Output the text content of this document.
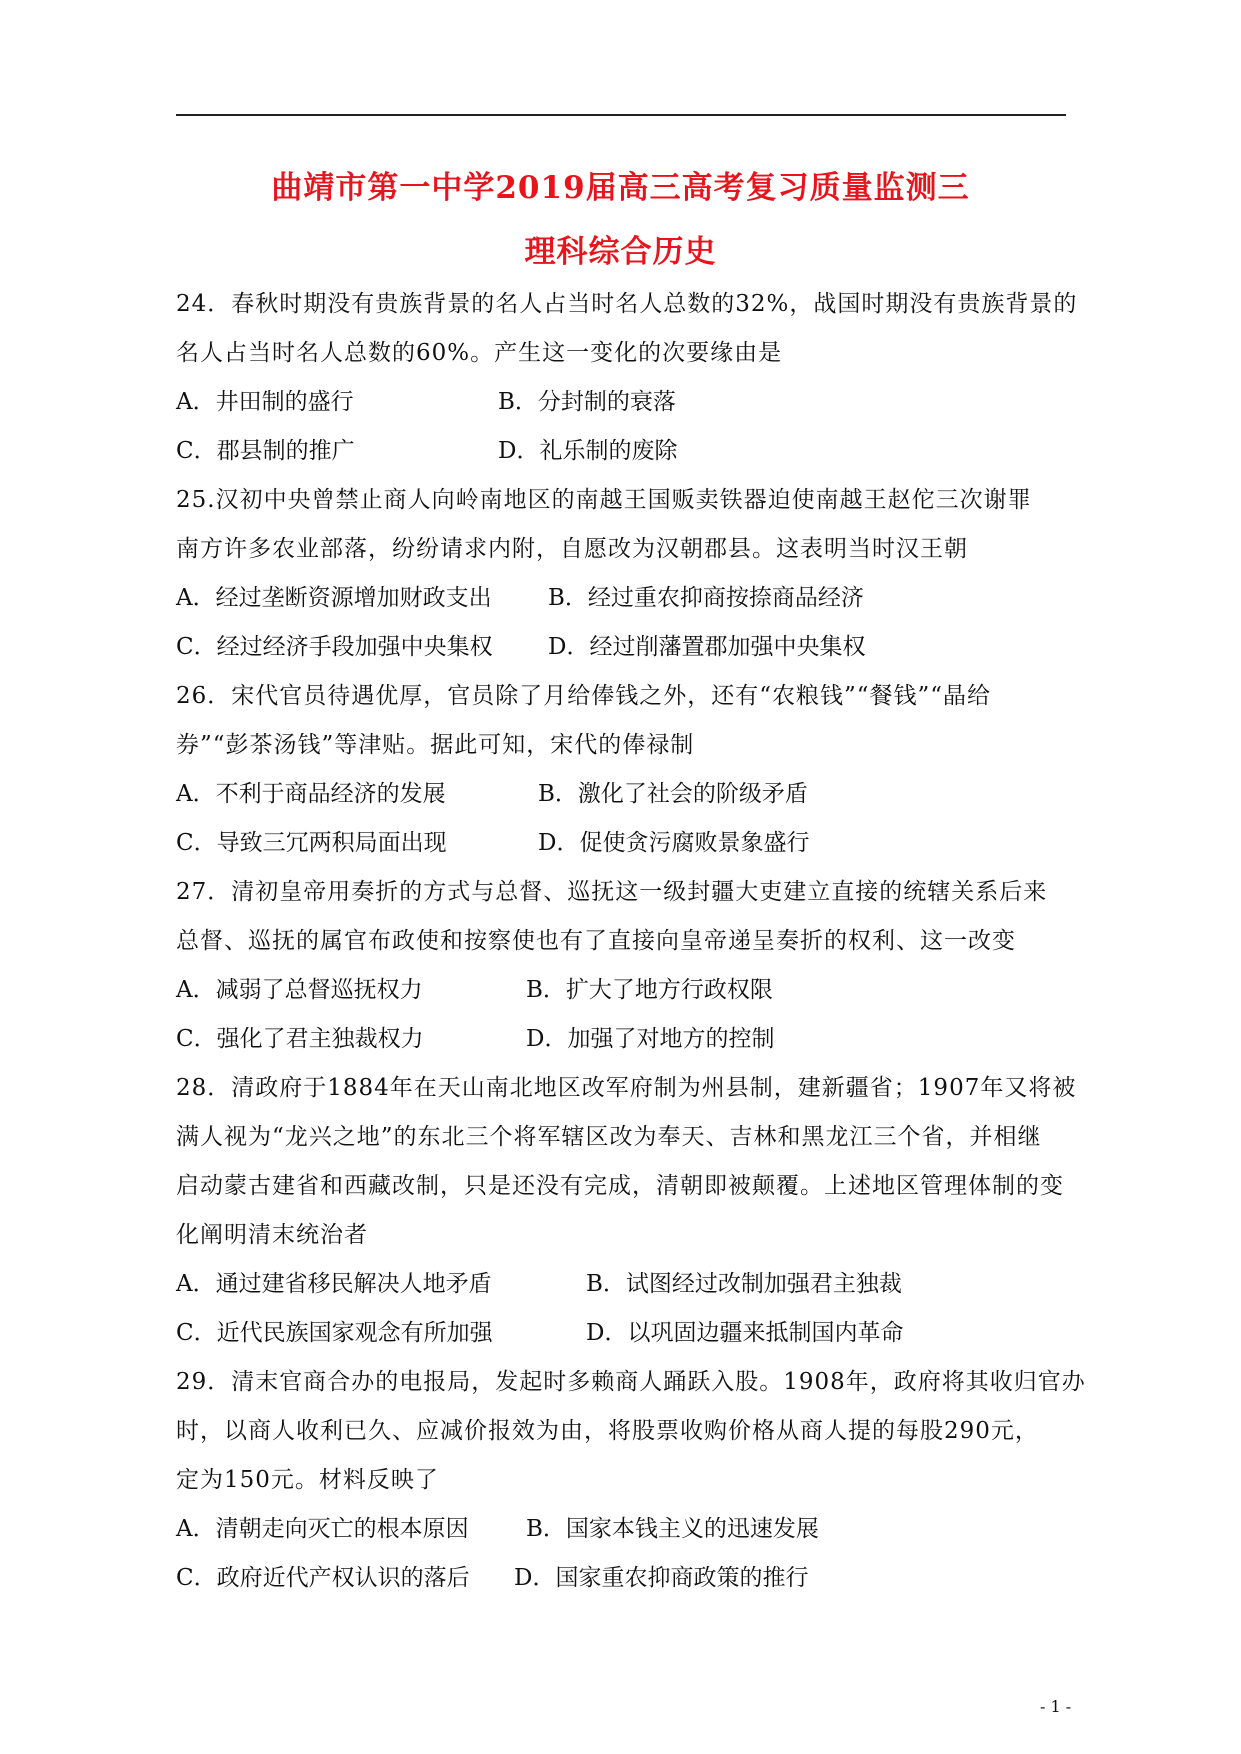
曲靖市第一中学2019届高三高考复习质量监测三
理科综合历史
24．春秋时期没有贵族背景的名人占当时名人总数的32%，战国时期没有贵族背景的
名人占当时名人总数的60%。产生这一变化的次要缘由是
A．井田制的盛行	B．分封制的衰落
C．郡县制的推广	D．礼乐制的废除
25.汉初中央曾禁止商人向岭南地区的南越王国贩卖铁器迫使南越王赵佗三次谢罪
南方许多农业部落，纷纷请求内附，自愿改为汉朝郡县。这表明当时汉王朝
A．经过垄断资源增加财政支出 B．经过重农抑商按捺商品经济
C．经过经济手段加强中央集权 D．经过削藩置郡加强中央集权
26．宋代官员待遇优厚，官员除了月给俸钱之外，还有“农粮钱”“餐钱”“晶给
券”“彭茶汤钱”等津贴。据此可知，宋代的俸禄制
A．不利于商品经济的发展	B．激化了社会的阶级矛盾
C．导致三冗两积局面出现	D．促使贪污腐败景象盛行
27．清初皇帝用奏折的方式与总督、巡抚这一级封疆大吏建立直接的统辖关系后来
总督、巡抚的属官布政使和按察使也有了直接向皇帝递呈奏折的权利、这一改变
A．减弱了总督巡抚权力	B．扩大了地方行政权限
C．强化了君主独裁权力	D．加强了对地方的控制
28．清政府于1884年在天山南北地区改军府制为州县制，建新疆省；1907年又将被
满人视为“龙兴之地”的东北三个将军辖区改为奉天、吉林和黑龙江三个省，并相继
启动蒙古建省和西藏改制，只是还没有完成，清朝即被颠覆。上述地区管理体制的变
化阐明清末统治者
A．通过建省移民解决人地矛盾	B．试图经过改制加强君主独裁
C．近代民族国家观念有所加强	D．以巩固边疆来抵制国内革命
29．清末官商合办的电报局，发起时多赖商人踊跃入股。1908年，政府将其收归官办
时，以商人收利已久、应减价报效为由，将股票收购价格从商人提的每股290元，
定为150元。材料反映了
A．清朝走向灭亡的根本原因 B．国家本钱主义的迅速发展
C．政府近代产权认识的落后 D．国家重农抑商政策的推行
- 1 -
